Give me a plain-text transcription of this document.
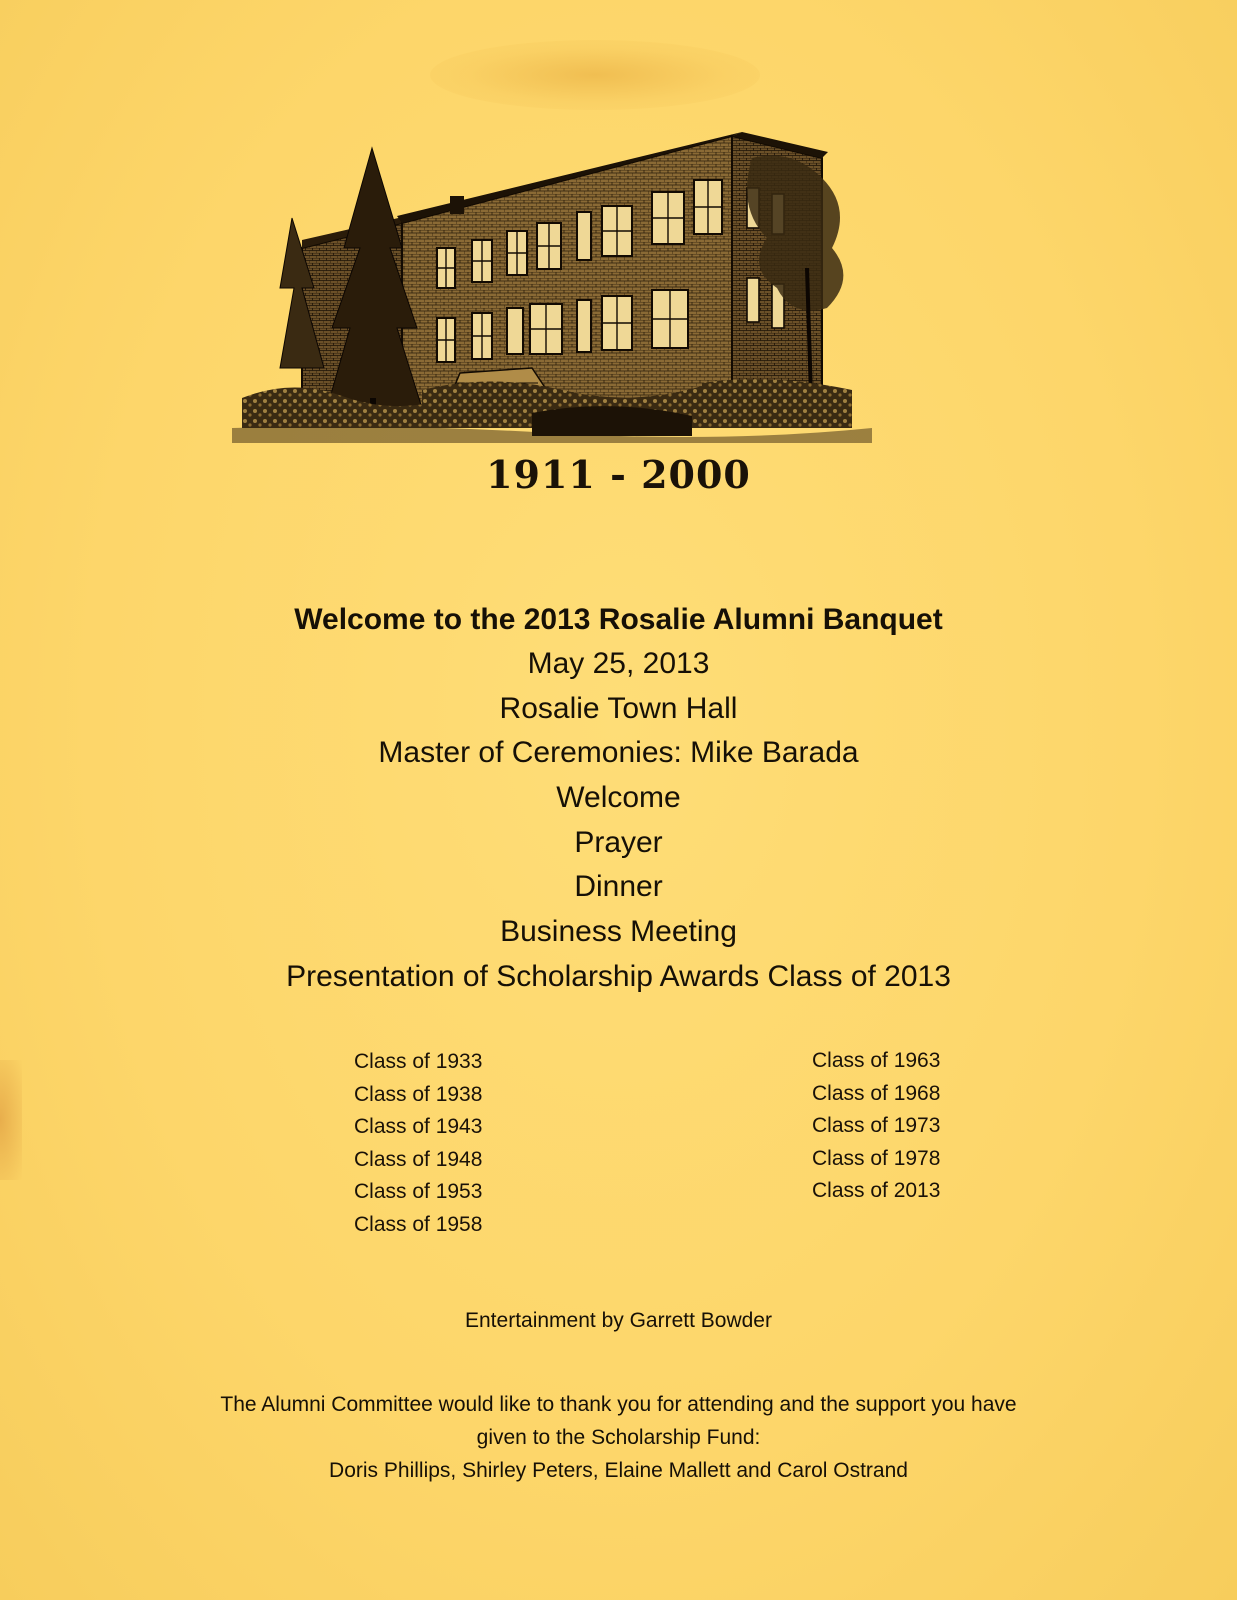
1911 - 2000
Welcome to the 2013 Rosalie Alumni Banquet
May 25, 2013
Rosalie Town Hall
Master of Ceremonies: Mike Barada
Welcome
Prayer
Dinner
Business Meeting
Presentation of Scholarship Awards Class of 2013
Class of 1933
Class of 1938
Class of 1943
Class of 1948
Class of 1953
Class of 1958
Class of 1963
Class of 1968
Class of 1973
Class of 1978
Class of 2013
Entertainment by Garrett Bowder
The Alumni Committee would like to thank you for attending and the support you have
given to the Scholarship Fund:
Doris Phillips, Shirley Peters, Elaine Mallett and Carol Ostrand
